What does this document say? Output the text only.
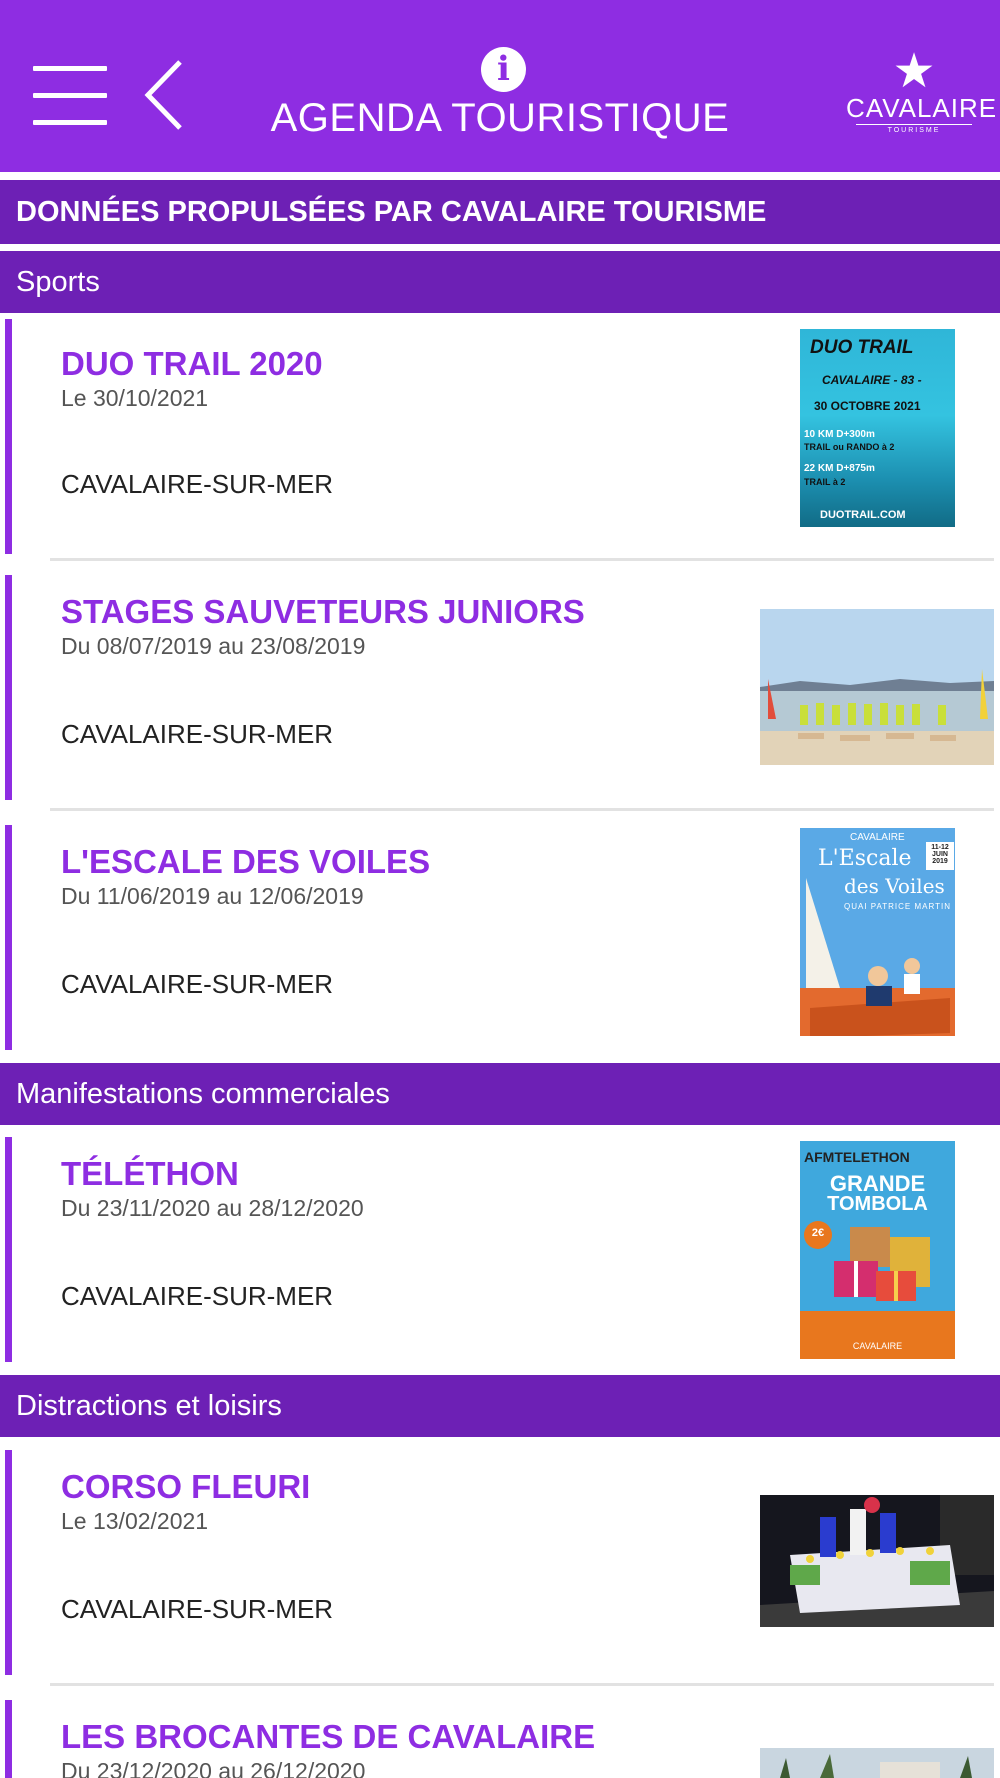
i
AGENDA TOURISTIQUE
★
CAVALAIRE
TOURISME
DONNÉES PROPULSÉES PAR CAVALAIRE TOURISME
Sports
DUO TRAIL 2020
Le 30/10/2021
CAVALAIRE-SUR-MER
DUO TRAIL
CAVALAIRE - 83 -
30 OCTOBRE 2021
10 KM D+300m
TRAIL ou RANDO à 2
22 KM D+875m
TRAIL à 2
DUOTRAIL.COM
STAGES SAUVETEURS JUNIORS
Du 08/07/2019 au 23/08/2019
CAVALAIRE-SUR-MER
L'ESCALE DES VOILES
Du 11/06/2019 au 12/06/2019
CAVALAIRE-SUR-MER
CAVALAIRE
11-12 JUIN 2019
L'Escale
des Voiles
QUAI PATRICE MARTIN
Manifestations commerciales
TÉLÉTHON
Du 23/11/2020 au 28/12/2020
CAVALAIRE-SUR-MER
AFMTELETHON
GRANDE
TOMBOLA
2€
CAVALAIRE
Distractions et loisirs
CORSO FLEURI
Le 13/02/2021
CAVALAIRE-SUR-MER
LES BROCANTES DE CAVALAIRE
Du 23/12/2020 au 26/12/2020
